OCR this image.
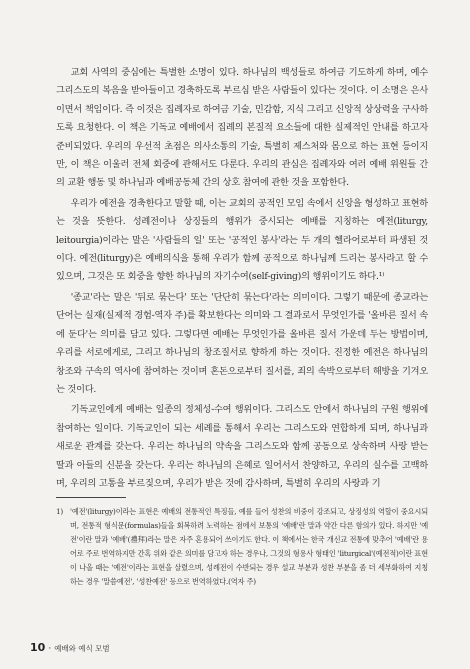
교회 사역의 중심에는 특별한 소명이 있다. 하나님의 백성들로 하여금 기도하게 하며, 예수 그리스도의 복음을 받아들이고 경축하도록 부르심 받은 사람들이 있다는 것이다. 이 소명은 은사이면서 책임이다. 즉 이것은 집례자로 하여금 기술, 민감함, 지식 그리고 신앙적 상상력을 구사하도록 요청한다. 이 책은 기독교 예배에서 집례의 본질적 요소들에 대한 실제적인 안내를 하고자 준비되었다. 우리의 우선적 초점은 의사소통의 기술, 특별히 제스처와 몸으로 하는 표현 등이지만, 이 책은 이울러 전체 회중에 관해서도 다룬다. 우리의 관심은 집례자와 여러 예배 위원들 간의 교환 행동 및 하나님과 예배공동체 간의 상호 참여에 관한 것을 포함한다.

우리가 예전을 경축한다고 말할 때, 이는 교회의 공적인 모임 속에서 신앙을 형성하고 표현하는 것을 뜻한다. 성례전이나 상징들의 행위가 중시되는 예배를 지칭하는 예전(liturgy, leitourgia)이라는 말은 '사람들의 일' 또는 '공적인 봉사'라는 두 개의 헬라어로부터 파생된 것이다. 예전(liturgy)은 예배의식을 통해 우리가 함께 공적으로 하나님께 드리는 봉사라고 할 수 있으며, 그것은 또 회중을 향한 하나님의 자기수여(self-giving)의 행위이기도 하다.¹⁾

'종교'라는 말은 '뒤로 묶는다' 또는 '단단히 묶는다'라는 의미이다. 그렇기 때문에 종교라는 단어는 실재(실제적 경험-역자 주)를 확보한다는 의미와 그 결과로서 무엇인가를 '올바른 질서 속에 둔다'는 의미를 담고 있다. 그렇다면 예배는 무엇인가를 올바른 질서 가운데 두는 방법이며, 우리를 서로에게로, 그리고 하나님의 창조질서로 향하게 하는 것이다. 진정한 예전은 하나님의 창조와 구속의 역사에 참여하는 것이며 혼돈으로부터 질서를, 죄의 속박으로부터 해방을 기겨오는 것이다.

기독교인에게 예배는 일종의 정체성-수여 행위이다. 그리스도 안에서 하나님의 구원 행위에 참여하는 일이다. 기독교인이 되는 세례를 통해서 우리는 그리스도와 연합하게 되며, 하나님과 새로운 관계를 갖는다. 우리는 하나님의 약속을 그리스도와 함께 공동으로 상속하며 사랑 받는 딸과 아들의 신분을 갖는다. 우리는 하나님의 은혜로 일어서서 찬양하고, 우리의 실수를 고백하며, 우리의 고통을 부르짖으며, 우리가 받은 것에 감사하며, 특별히 우리의 사랑과 기

1) '예전'(liturgy)이라는 표현은 예배의 전통적인 특징들, 예를 들어 성찬의 비중이 강조되고, 상징성의 역할이 중요시되며, 전통적 형식문(formulas)들을 회복하려 노력하는 점에서 보통의 '예배'란 말과 약간 다른 함의가 있다. 하지만 '예전'이란 말과 '예배'(禮拜)라는 말은 자주 혼용되어 쓰이기도 한다. 이 책에서는 한국 개신교 전통에 맞추어 '예배'란 용어로 주로 번역하지만 간혹 위와 같은 의미를 담고자 하는 경우나, 그것의 형용사 형태인 'liturgical'(예전적)이란 표현이 나올 때는 '예전'이라는 표현을 살렸으며, 성례전이 수반되는 경우 설교 부분과 성찬 부분을 좀 더 세부화하여 지칭하는 경우 '말씀예전', '성찬예전' 등으로 번역하였다.(역자 주)
10 · 예배와 예식 모범
